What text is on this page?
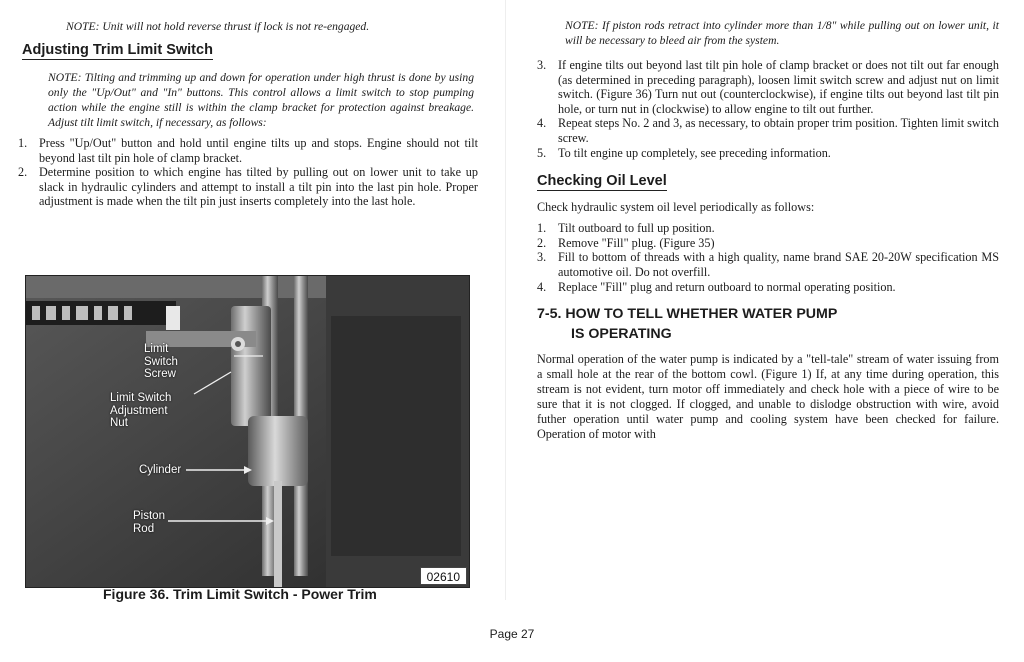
NOTE: Unit will not hold reverse thrust if lock is not re-engaged.

Adjusting Trim Limit Switch

NOTE: Tilting and trimming up and down for operation under high thrust is done by using only the "Up/Out" and "In" buttons. This control allows a limit switch to stop pumping action while the engine still is within the clamp bracket for protection against breakage. Adjust tilt limit switch, if necessary, as follows:

1. Press "Up/Out" button and hold until engine tilts up and stops. Engine should not tilt beyond last tilt pin hole of clamp bracket.
2. Determine position to which engine has tilted by pulling out on lower unit to take up slack in hydraulic cylinders and attempt to install a tilt pin into the last pin hole. Proper adjustment is made when the tilt pin just inserts completely into the last hole.
Limit
Switch
Screw
Limit Switch
Adjustment
Nut
Cylinder
Piston
Rod
02610
Figure 36. Trim Limit Switch - Power Trim

NOTE: If piston rods retract into cylinder more than 1/8" while pulling out on lower unit, it will be necessary to bleed air from the system.

3. If engine tilts out beyond last tilt pin hole of clamp bracket or does not tilt out far enough (as determined in preceding paragraph), loosen limit switch screw and adjust nut on limit switch. (Figure 36) Turn nut out (counterclockwise), if engine tilts out beyond last tilt pin hole, or turn nut in (clockwise) to allow engine to tilt out further.
4. Repeat steps No. 2 and 3, as necessary, to obtain proper trim position. Tighten limit switch screw.
5. To tilt engine up completely, see preceding information.
Checking Oil Level

Check hydraulic system oil level periodically as follows:

1. Tilt outboard to full up position.
2. Remove "Fill" plug. (Figure 35)
3. Fill to bottom of threads with a high quality, name brand SAE 20-20W specification MS automotive oil. Do not overfill.
4. Replace "Fill" plug and return outboard to normal operating position.
7-5. HOW TO TELL WHETHER WATER PUMP
IS OPERATING

Normal operation of the water pump is indicated by a "tell-tale" stream of water issuing from a small hole at the rear of the bottom cowl. (Figure 1) If, at any time during operation, this stream is not evident, turn motor off immediately and check hole with a piece of wire to be sure that it is not clogged. If clogged, and unable to dislodge obstruction with wire, avoid futher operation until water pump and cooling system have been checked for failure. Operation of motor with

Page 27
